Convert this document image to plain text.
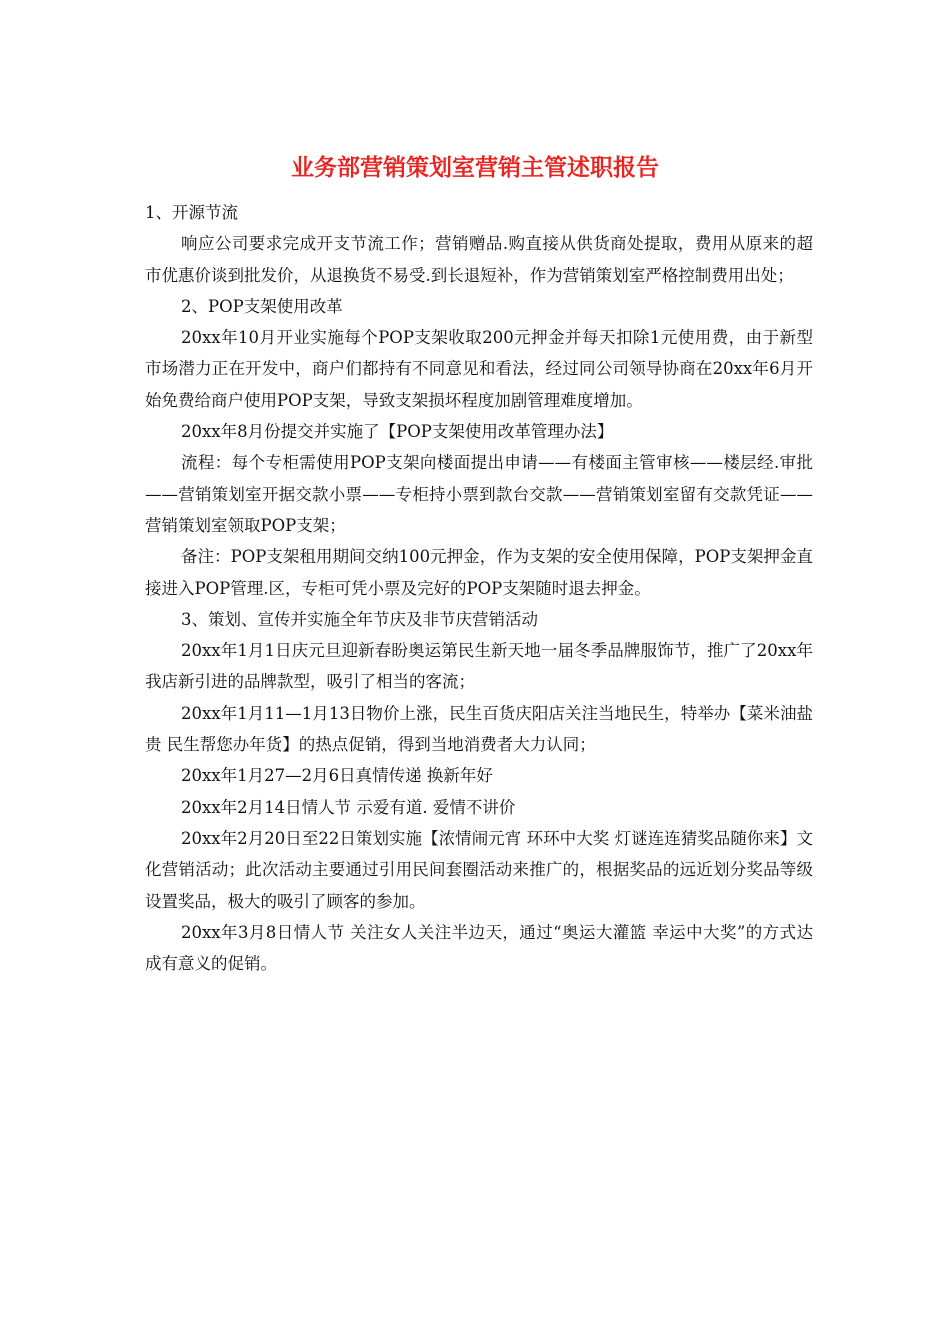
业务部营销策划室营销主管述职报告

1、开源节流

响应公司要求完成开支节流工作；营销赠品.购直接从供货商处提取，费用从原来的超市优惠价谈到批发价，从退换货不易受.到长退短补，作为营销策划室严格控制费用出处；

2、POP支架使用改革

20xx年10月开业实施每个POP支架收取200元押金并每天扣除1元使用费，由于新型市场潜力正在开发中，商户们都持有不同意见和看法，经过同公司领导协商在20xx年6月开始免费给商户使用POP支架，导致支架损坏程度加剧管理难度增加。

20xx年8月份提交并实施了【POP支架使用改革管理办法】

流程：每个专柜需使用POP支架向楼面提出申请——有楼面主管审核——楼层经.审批——营销策划室开据交款小票——专柜持小票到款台交款——营销策划室留有交款凭证——营销策划室领取POP支架；

备注：POP支架租用期间交纳100元押金，作为支架的安全使用保障，POP支架押金直接进入POP管理.区，专柜可凭小票及完好的POP支架随时退去押金。

3、策划、宣传并实施全年节庆及非节庆营销活动

20xx年1月1日庆元旦迎新春盼奥运第民生新天地一届冬季品牌服饰节，推广了20xx年我店新引进的品牌款型，吸引了相当的客流；

20xx年1月11—1月13日物价上涨，民生百货庆阳店关注当地民生，特举办【菜米油盐贵 民生帮您办年货】的热点促销，得到当地消费者大力认同；

20xx年1月27—2月6日真情传递 换新年好

20xx年2月14日情人节 示爱有道. 爱情不讲价

20xx年2月20日至22日策划实施【浓情闹元宵 环环中大奖 灯谜连连猜奖品随你来】文化营销活动；此次活动主要通过引用民间套圈活动来推广的，根据奖品的远近划分奖品等级设置奖品，极大的吸引了顾客的参加。

20xx年3月8日情人节 关注女人关注半边天，通过“奥运大灌篮 幸运中大奖”的方式达成有意义的促销。
